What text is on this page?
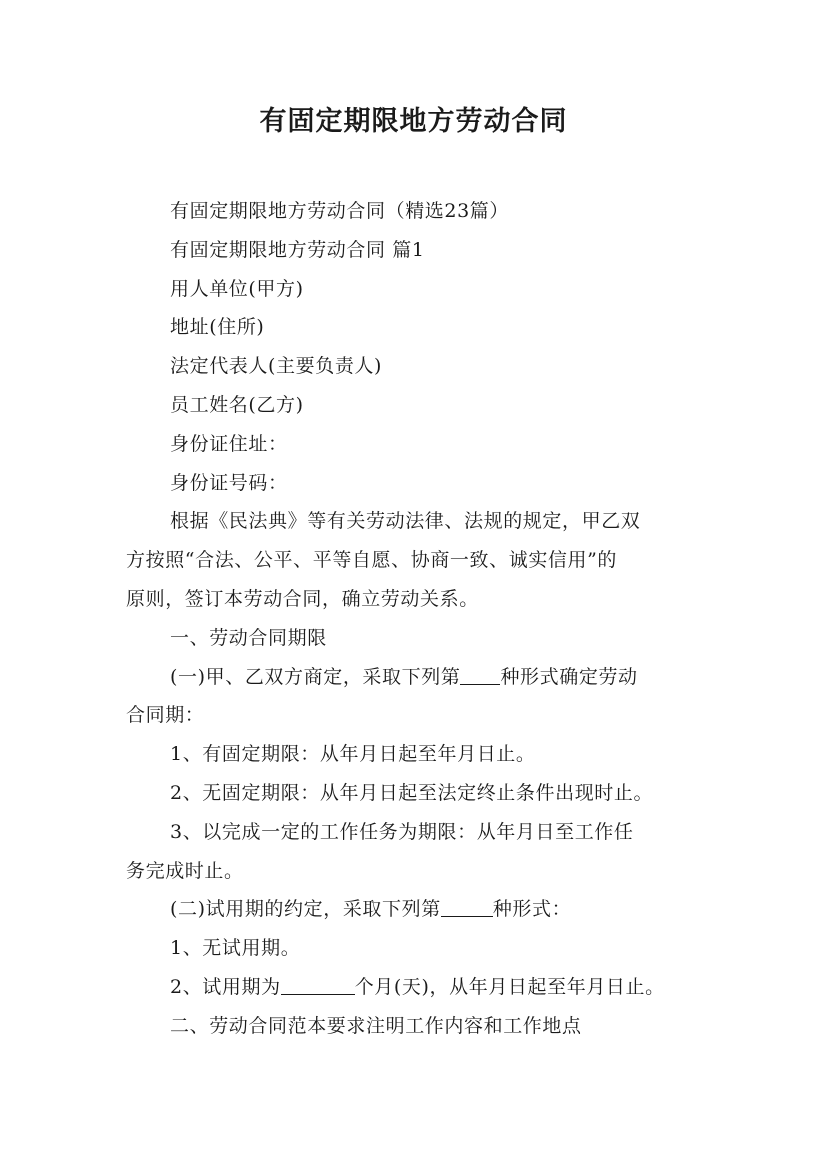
有固定期限地方劳动合同

有固定期限地方劳动合同（精选23篇）

有固定期限地方劳动合同 篇1

用人单位(甲方)

地址(住所)

法定代表人(主要负责人)

员工姓名(乙方)

身份证住址：

身份证号码：

根据《民法典》等有关劳动法律、法规的规定，甲乙双

方按照“合法、公平、平等自愿、协商一致、诚实信用”的

原则，签订本劳动合同，确立劳动关系。

一、劳动合同期限

(一)甲、乙双方商定，采取下列第 种形式确定劳动

合同期：

1、有固定期限：从年月日起至年月日止。

2、无固定期限：从年月日起至法定终止条件出现时止。

3、以完成一定的工作任务为期限：从年月日至工作任

务完成时止。

(二)试用期的约定，采取下列第	种形式：

1、无试用期。

2、试用期为	个月(天)，从年月日起至年月日止。

二、劳动合同范本要求注明工作内容和工作地点
